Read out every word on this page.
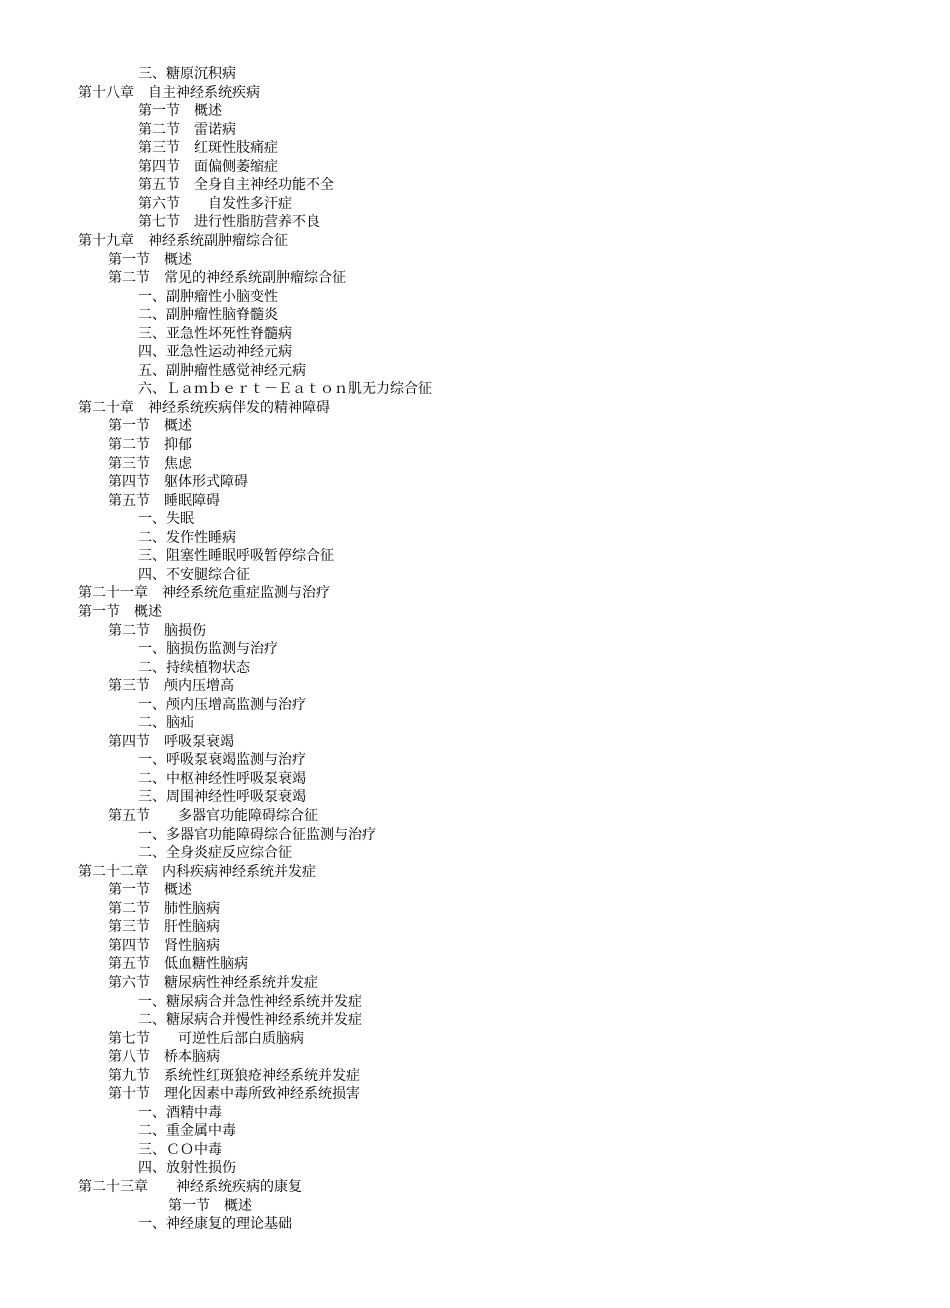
三、糖原沉积病
第十八章　自主神经系统疾病
第一节　概述
第二节　雷诺病
第三节　红斑性肢痛症
第四节　面偏侧萎缩症
第五节　全身自主神经功能不全
第六节　　自发性多汗症
第七节　进行性脂肪营养不良
第十九章　神经系统副肿瘤综合征
第一节　概述
第二节　常见的神经系统副肿瘤综合征
一、副肿瘤性小脑变性
二、副肿瘤性脑脊髓炎
三、亚急性坏死性脊髓病
四、亚急性运动神经元病
五、副肿瘤性感觉神经元病
六、Ｌａｍｂｅｒｔ－Ｅａｔｏｎ肌无力综合征
第二十章　神经系统疾病伴发的精神障碍
第一节　概述
第二节　抑郁
第三节　焦虑
第四节　躯体形式障碍
第五节　睡眠障碍
一、失眠
二、发作性睡病
三、阻塞性睡眠呼吸暂停综合征
四、不安腿综合征
第二十一章　神经系统危重症监测与治疗
第一节　概述
第二节　脑损伤
一、脑损伤监测与治疗
二、持续植物状态
第三节　颅内压增高
一、颅内压增高监测与治疗
二、脑疝
第四节　呼吸泵衰竭
一、呼吸泵衰竭监测与治疗
二、中枢神经性呼吸泵衰竭
三、周围神经性呼吸泵衰竭
第五节　　多器官功能障碍综合征
一、多器官功能障碍综合征监测与治疗
二、全身炎症反应综合征
第二十二章　内科疾病神经系统并发症
第一节　概述
第二节　肺性脑病
第三节　肝性脑病
第四节　肾性脑病
第五节　低血糖性脑病
第六节　糖尿病性神经系统并发症
一、糖尿病合并急性神经系统并发症
二、糖尿病合并慢性神经系统并发症
第七节　　可逆性后部白质脑病
第八节　桥本脑病
第九节　系统性红斑狼疮神经系统并发症
第十节　理化因素中毒所致神经系统损害
一、酒精中毒
二、重金属中毒
三、ＣＯ中毒
四、放射性损伤
第二十三章　　神经系统疾病的康复
第一节　概述
一、神经康复的理论基础
